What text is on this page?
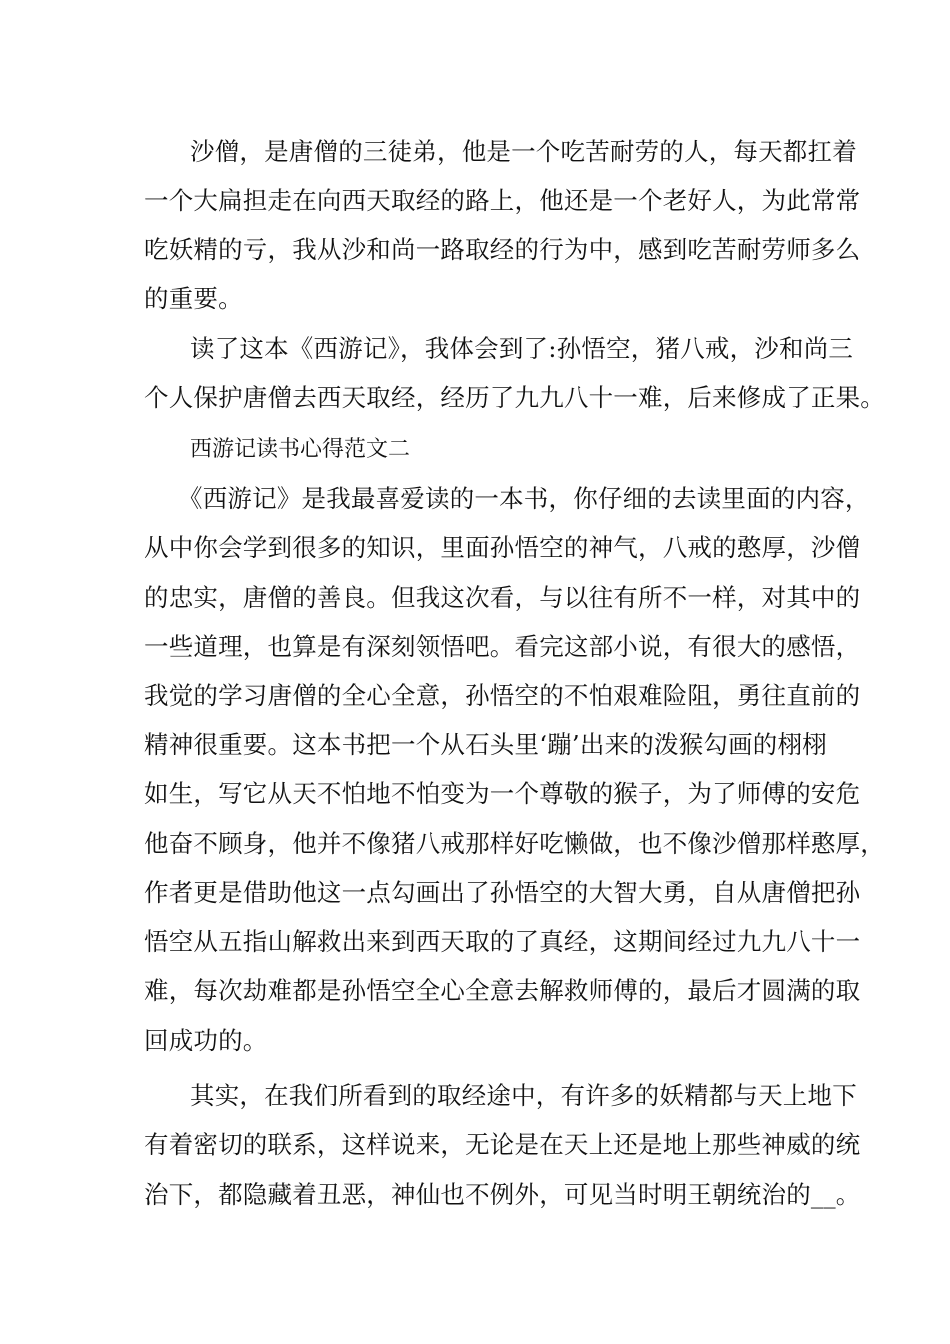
沙僧，是唐僧的三徒弟，他是一个吃苦耐劳的人，每天都扛着
一个大扁担走在向西天取经的路上，他还是一个老好人，为此常常
吃妖精的亏，我从沙和尚一路取经的行为中，感到吃苦耐劳师多么
的重要。
读了这本《西游记》，我体会到了:孙悟空，猪八戒，沙和尚三
个人保护唐僧去西天取经，经历了九九八十一难，后来修成了正果。
西游记读书心得范文二
《西游记》是我最喜爱读的一本书，你仔细的去读里面的内容，
从中你会学到很多的知识，里面孙悟空的神气，八戒的憨厚，沙僧
的忠实，唐僧的善良。但我这次看，与以往有所不一样，对其中的
一些道理，也算是有深刻领悟吧。看完这部小说，有很大的感悟，
我觉的学习唐僧的全心全意，孙悟空的不怕艰难险阻，勇往直前的
精神很重要。这本书把一个从石头里‘蹦’出来的泼猴勾画的栩栩
如生，写它从天不怕地不怕变为一个尊敬的猴子，为了师傅的安危
他奋不顾身，他并不像猪八戒那样好吃懒做，也不像沙僧那样憨厚，
作者更是借助他这一点勾画出了孙悟空的大智大勇，自从唐僧把孙
悟空从五指山解救出来到西天取的了真经，这期间经过九九八十一
难，每次劫难都是孙悟空全心全意去解救师傅的，最后才圆满的取
回成功的。
其实，在我们所看到的取经途中，有许多的妖精都与天上地下
有着密切的联系，这样说来，无论是在天上还是地上那些神威的统
治下，都隐藏着丑恶，神仙也不例外，可见当时明王朝统治的__。
